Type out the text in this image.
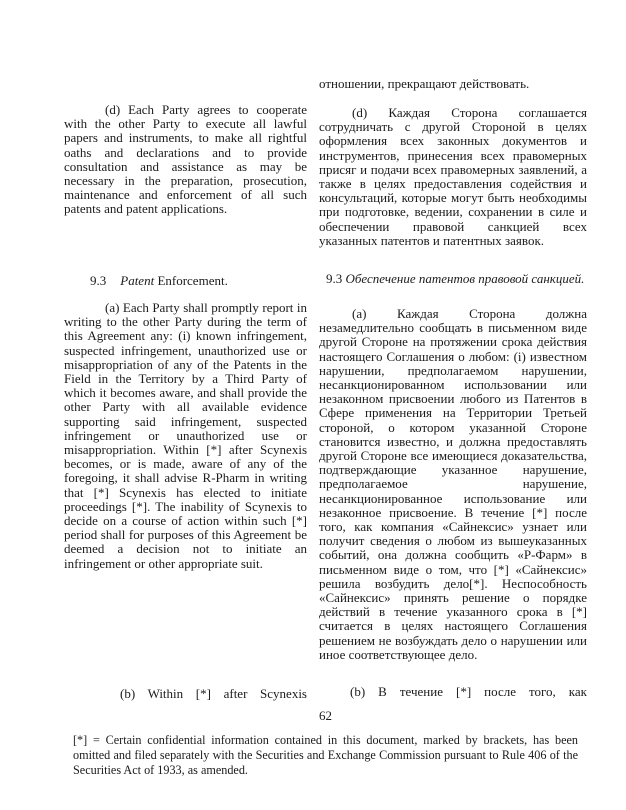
(d) Each Party agrees to cooperate with the other Party to execute all lawful papers and instruments, to make all rightful oaths and declarations and to provide consultation and assistance as may be necessary in the preparation, prosecution, maintenance and enforcement of all such patents and patent applications.

9.3 Patent Enforcement.

(a) Each Party shall promptly report in writing to the other Party during the term of this Agreement any: (i) known infringement, suspected infringement, unauthorized use or misappropriation of any of the Patents in the Field in the Territory by a Third Party of which it becomes aware, and shall provide the other Party with all available evidence supporting said infringement, suspected infringement or unauthorized use or misappropriation. Within [*] after Scynexis becomes, or is made, aware of any of the foregoing, it shall advise R-Pharm in writing that [*] Scynexis has elected to initiate proceedings [*]. The inability of Scynexis to decide on a course of action within such [*] period shall for purposes of this Agreement be deemed a decision not to initiate an infringement or other appropriate suit.

(b) Within [*] after Scynexis

отношении, прекращают действовать.

(d) Каждая Сторона соглашается сотрудничать с другой Стороной в целях оформления всех законных документов и инструментов, принесения всех правомерных присяг и подачи всех правомерных заявлений, а также в целях предоставления содействия и консультаций, которые могут быть необходимы при подготовке, ведении, сохранении в силе и обеспечении правовой санкцией всех указанных патентов и патентных заявок.

9.3 Обеспечение патентов правовой санкцией.

(a) Каждая Сторона должна незамедлительно сообщать в письменном виде другой Стороне на протяжении срока действия настоящего Соглашения о любом: (i) известном нарушении, предполагаемом нарушении, несанкционированном использовании или незаконном присвоении любого из Патентов в Сфере применения на Территории Третьей стороной, о котором указанной Стороне становится известно, и должна предоставлять другой Стороне все имеющиеся доказательства, подтверждающие указанное нарушение, предполагаемое нарушение, несанкционированное использование или незаконное присвоение. В течение [*] после того, как компания «Сайнексис» узнает или получит сведения о любом из вышеуказанных событий, она должна сообщить «Р-Фарм» в письменном виде о том, что [*] «Сайнексис» решила возбудить дело[*]. Неспособность «Сайнексис» принять решение о порядке действий в течение указанного срока в [*] считается в целях настоящего Соглашения решением не возбуждать дело о нарушении или иное соответствующее дело.

(b) В течение [*] после того, как

62
[*] = Certain confidential information contained in this document, marked by brackets, has been omitted and filed separately with the Securities and Exchange Commission pursuant to Rule 406 of the Securities Act of 1933, as amended.
